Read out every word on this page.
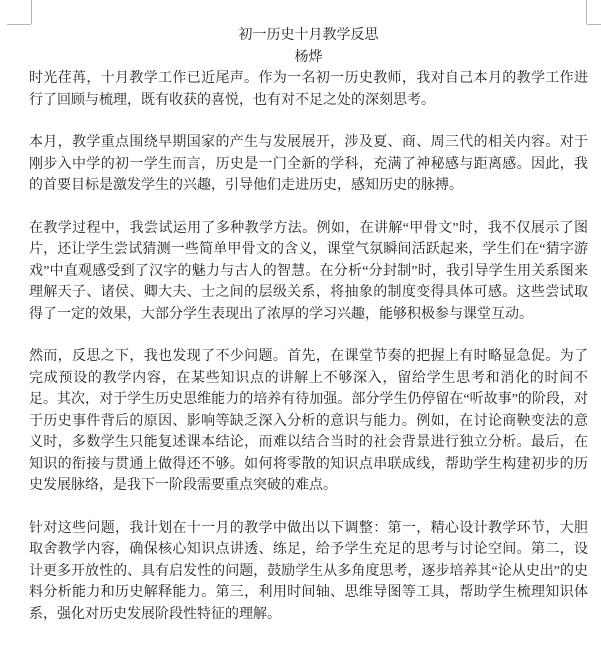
初一历史十月教学反思
杨烨

时光荏苒，十月教学工作已近尾声。作为一名初一历史教师，我对自己本月的教学工作进行了回顾与梳理，既有收获的喜悦，也有对不足之处的深刻思考。

本月，教学重点围绕早期国家的产生与发展展开，涉及夏、商、周三代的相关内容。对于刚步入中学的初一学生而言，历史是一门全新的学科，充满了神秘感与距离感。因此，我的首要目标是激发学生的兴趣，引导他们走进历史，感知历史的脉搏。

在教学过程中，我尝试运用了多种教学方法。例如，在讲解“甲骨文”时，我不仅展示了图片，还让学生尝试猜测一些简单甲骨文的含义，课堂气氛瞬间活跃起来，学生们在“猜字游戏”中直观感受到了汉字的魅力与古人的智慧。在分析“分封制”时，我引导学生用关系图来理解天子、诸侯、卿大夫、士之间的层级关系，将抽象的制度变得具体可感。这些尝试取得了一定的效果，大部分学生表现出了浓厚的学习兴趣，能够积极参与课堂互动。

然而，反思之下，我也发现了不少问题。首先，在课堂节奏的把握上有时略显急促。为了完成预设的教学内容，在某些知识点的讲解上不够深入，留给学生思考和消化的时间不足。其次，对于学生历史思维能力的培养有待加强。部分学生仍停留在“听故事”的阶段，对于历史事件背后的原因、影响等缺乏深入分析的意识与能力。例如，在讨论商鞅变法的意义时，多数学生只能复述课本结论，而难以结合当时的社会背景进行独立分析。最后，在知识的衔接与贯通上做得还不够。如何将零散的知识点串联成线，帮助学生构建初步的历史发展脉络，是我下一阶段需要重点突破的难点。

针对这些问题，我计划在十一月的教学中做出以下调整：第一，精心设计教学环节，大胆取舍教学内容，确保核心知识点讲透、练足，给予学生充足的思考与讨论空间。第二，设计更多开放性的、具有启发性的问题，鼓励学生从多角度思考，逐步培养其“论从史出”的史料分析能力和历史解释能力。第三，利用时间轴、思维导图等工具，帮助学生梳理知识体系，强化对历史发展阶段性特征的理解。
